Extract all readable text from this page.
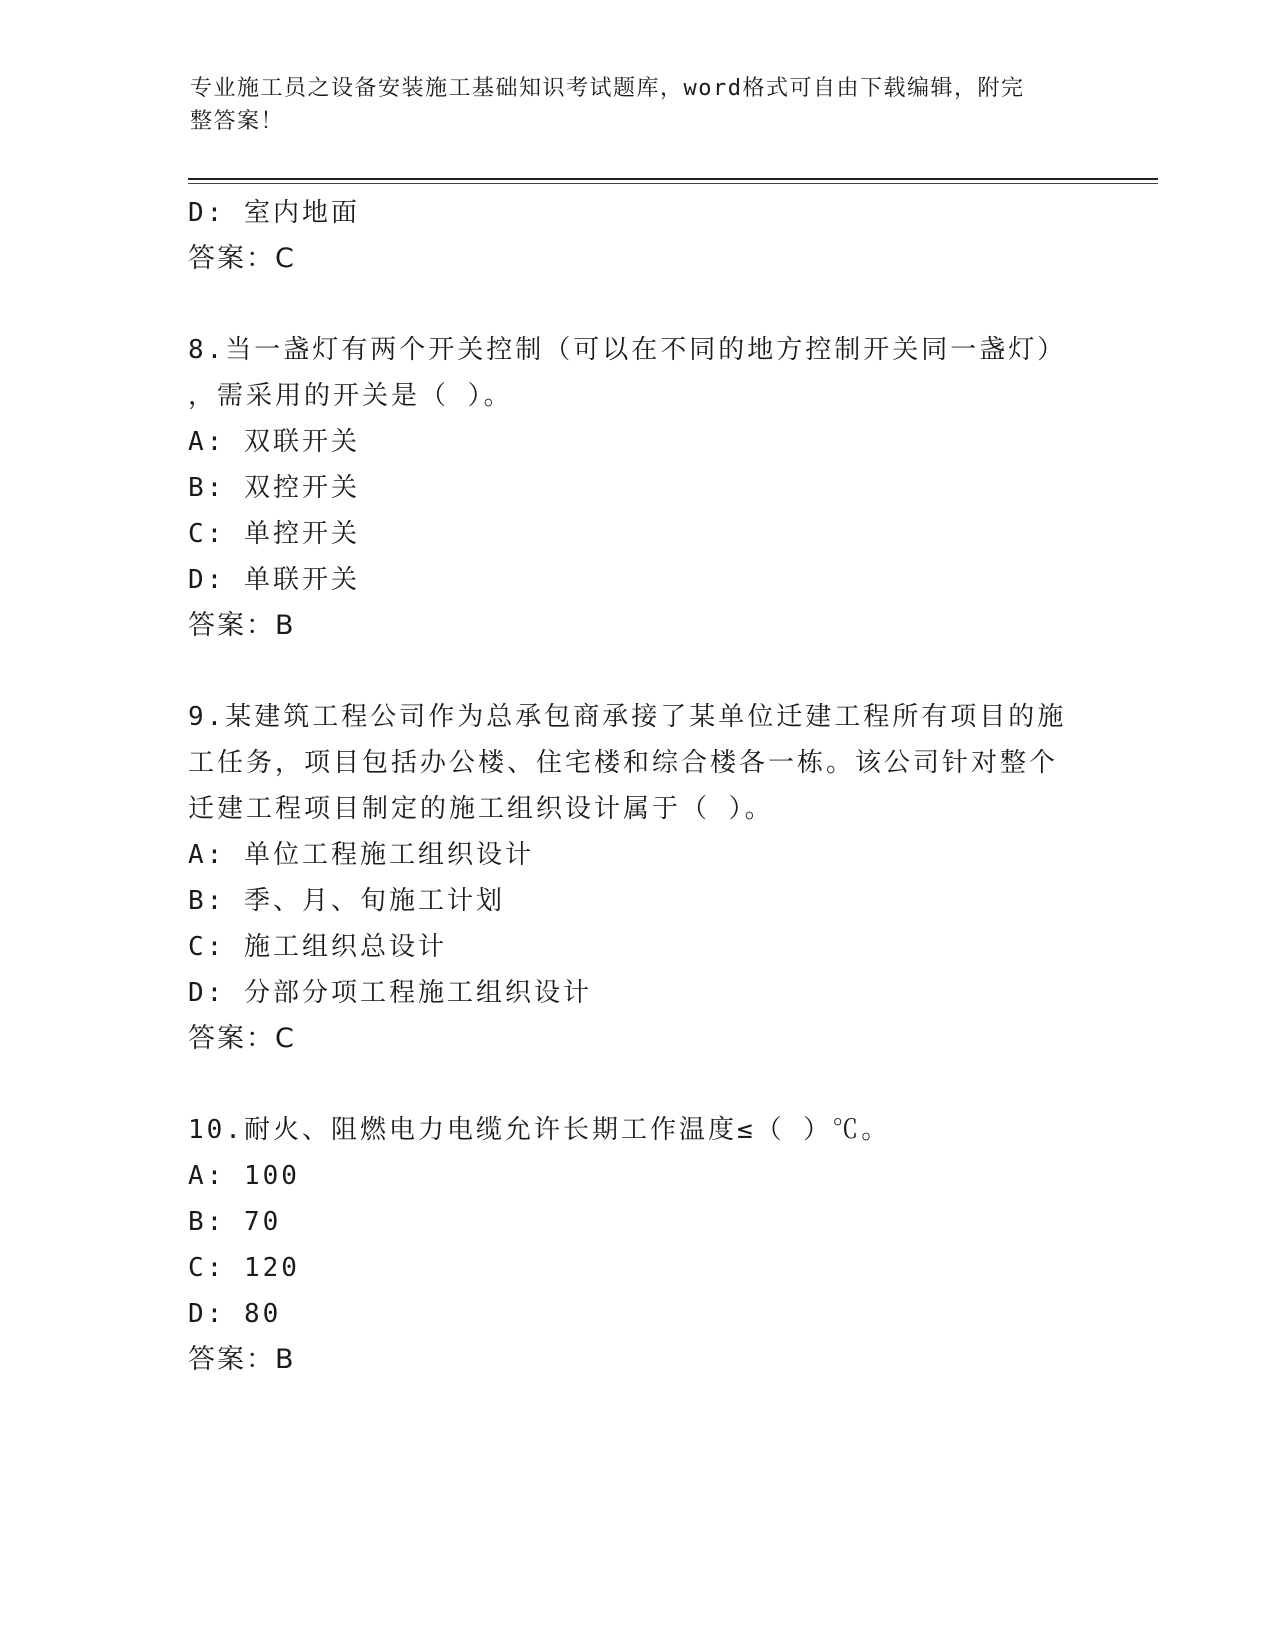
专业施工员之设备安装施工基础知识考试题库，word格式可自由下载编辑，附完
整答案！
D: 室内地面
答案：C
8.当一盏灯有两个开关控制（可以在不同的地方控制开关同一盏灯）
，需采用的开关是（ ）。
A: 双联开关
B: 双控开关
C: 单控开关
D: 单联开关
答案：B
9.某建筑工程公司作为总承包商承接了某单位迁建工程所有项目的施
工任务，项目包括办公楼、住宅楼和综合楼各一栋。该公司针对整个
迁建工程项目制定的施工组织设计属于（ ）。
A: 单位工程施工组织设计
B: 季、月、旬施工计划
C: 施工组织总设计
D: 分部分项工程施工组织设计
答案：C
10.耐火、阻燃电力电缆允许长期工作温度≤（ ）℃。
A: 100
B: 70
C: 120
D: 80
答案：B
